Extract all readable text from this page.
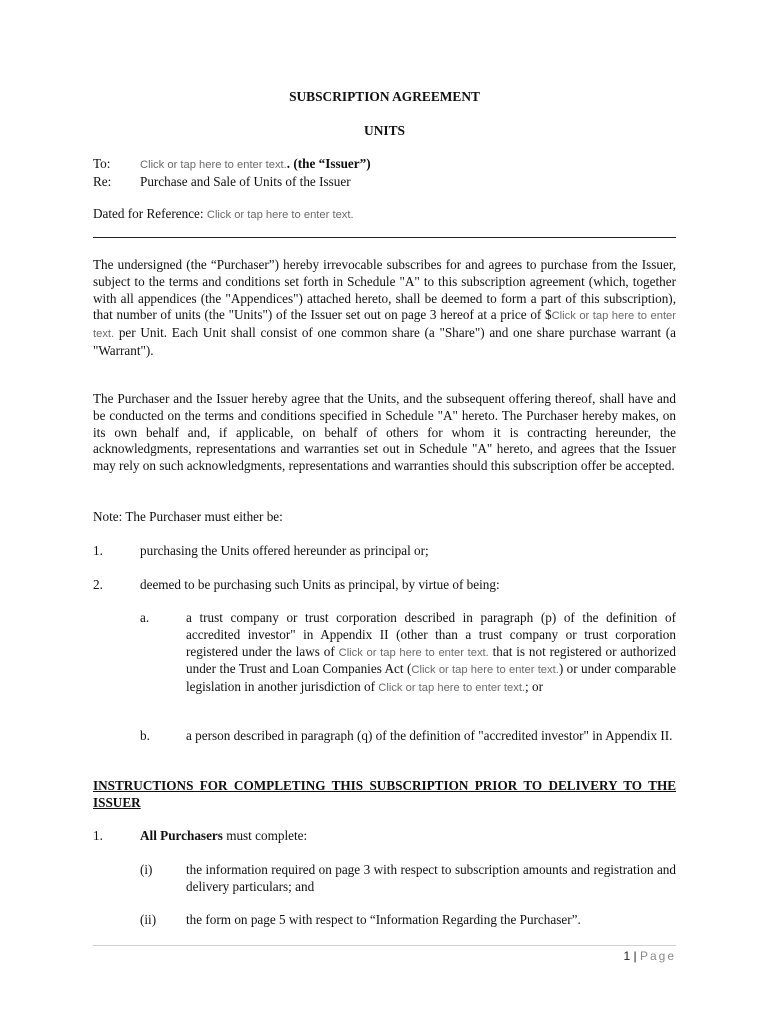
SUBSCRIPTION AGREEMENT
UNITS
To:	Click or tap here to enter text.. (the “Issuer”)
Re: Purchase and Sale of Units of the Issuer
Dated for Reference: Click or tap here to enter text.

The undersigned (the “Purchaser”) hereby irrevocable subscribes for and agrees to purchase from the Issuer, subject to the terms and conditions set forth in Schedule "A" to this subscription agreement (which, together with all appendices (the "Appendices") attached hereto, shall be deemed to form a part of this subscription), that number of units (the "Units") of the Issuer set out on page 3 hereof at a price of $Click or tap here to enter text. per Unit. Each Unit shall consist of one common share (a "Share") and one share purchase warrant (a "Warrant").

The Purchaser and the Issuer hereby agree that the Units, and the subsequent offering thereof, shall have and be conducted on the terms and conditions specified in Schedule "A" hereto. The Purchaser hereby makes, on its own behalf and, if applicable, on behalf of others for whom it is contracting hereunder, the acknowledgments, representations and warranties set out in Schedule "A" hereto, and agrees that the Issuer may rely on such acknowledgments, representations and warranties should this subscription offer be accepted.

Note: The Purchaser must either be:
1.	purchasing the Units offered hereunder as principal or;
2.	deemed to be purchasing such Units as principal, by virtue of being:
a.	a trust company or trust corporation described in paragraph (p) of the definition of accredited investor" in Appendix II (other than a trust company or trust corporation registered under the laws of Click or tap here to enter text. that is not registered or authorized under the Trust and Loan Companies Act (Click or tap here to enter text.) or under comparable legislation in another jurisdiction of Click or tap here to enter text.; or

b.	a person described in paragraph (q) of the definition of "accredited investor" in Appendix II.

INSTRUCTIONS FOR COMPLETING THIS SUBSCRIPTION PRIOR TO DELIVERY TO THE ISSUER

1.	All Purchasers must complete:
(i)	the information required on page 3 with respect to subscription amounts and registration and delivery particulars; and

(ii) the form on page 5 with respect to “Information Regarding the Purchaser”.

1 | Page
